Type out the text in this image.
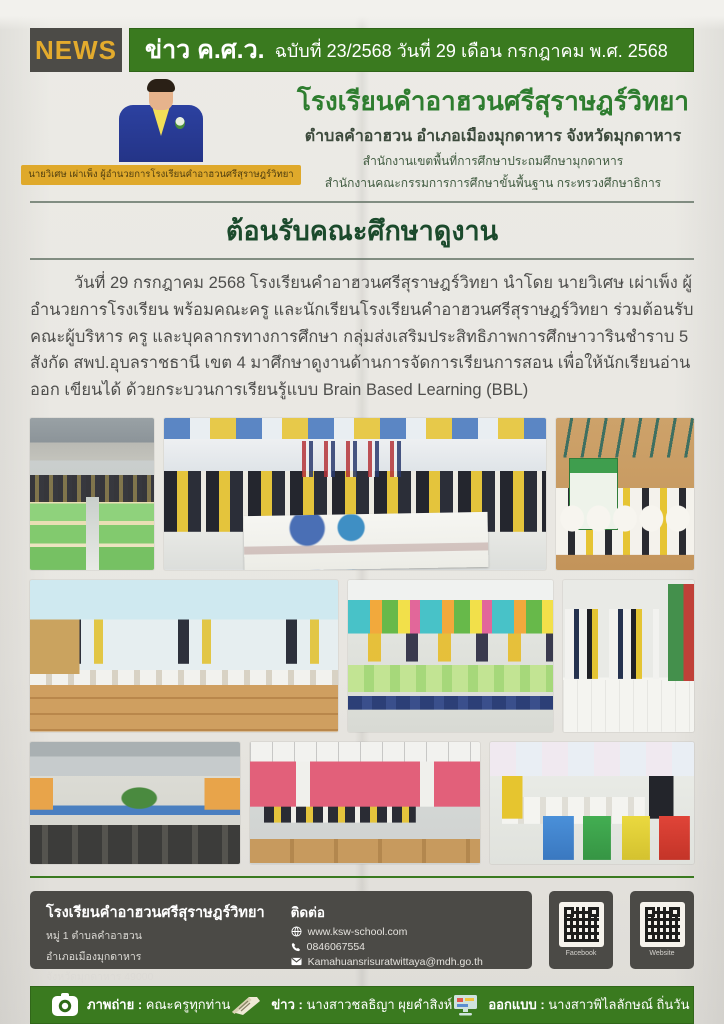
NEWS ข่าว ค.ศ.ว. ฉบับที่ 23/2568 วันที่ 29 เดือน กรกฎาคม พ.ศ. 2568
นายวิเศษ เผ่าเพ็ง ผู้อำนวยการโรงเรียนคำอาฮวนศรีสุราษฎร์วิทยา
โรงเรียนคำอาฮวนศรีสุราษฎร์วิทยา
ตำบลคำอาฮวน อำเภอเมืองมุกดาหาร จังหวัดมุกดาหาร
สำนักงานเขตพื้นที่การศึกษาประถมศึกษามุกดาหาร
สำนักงานคณะกรรมการการศึกษาขั้นพื้นฐาน กระทรวงศึกษาธิการ
ต้อนรับคณะศึกษาดูงาน

วันที่ 29 กรกฎาคม 2568 โรงเรียนคำอาฮวนศรีสุราษฎร์วิทยา นำโดย นายวิเศษ เผ่าเพ็ง ผู้อำนวยการโรงเรียน พร้อมคณะครู และนักเรียนโรงเรียนคำอาฮวนศรีสุราษฎร์วิทยา ร่วมต้อนรับคณะผู้บริหาร ครู และบุคลากรทางการศึกษา กลุ่มส่งเสริมประสิทธิภาพการศึกษาวารินชำราบ 5 สังกัด สพป.อุบลราชธานี เขต 4 มาศึกษาดูงานด้านการจัดการเรียนการสอน เพื่อให้นักเรียนอ่านออก เขียนได้ ด้วยกระบวนการเรียนรู้แบบ Brain Based Learning (BBL)

โรงเรียนคำอาฮวนศรีสุราษฎร์วิทยา
หมู่ 1 ตำบลคำอาฮวน
อำเภอเมืองมุกดาหาร
จังหวัดมุกดาหาร 49000
ติดต่อ
www.ksw-school.com
0846067554
Kamahuansrisuratwittaya@mdh.go.th
Facebook	Website
ภาพถ่าย : คณะครูทุกท่าน	ข่าว : นางสาวชลธิญา ผุยคำสิงห์	ออกแบบ : นางสาวพิไลลักษณ์ ถิ่นวัน
